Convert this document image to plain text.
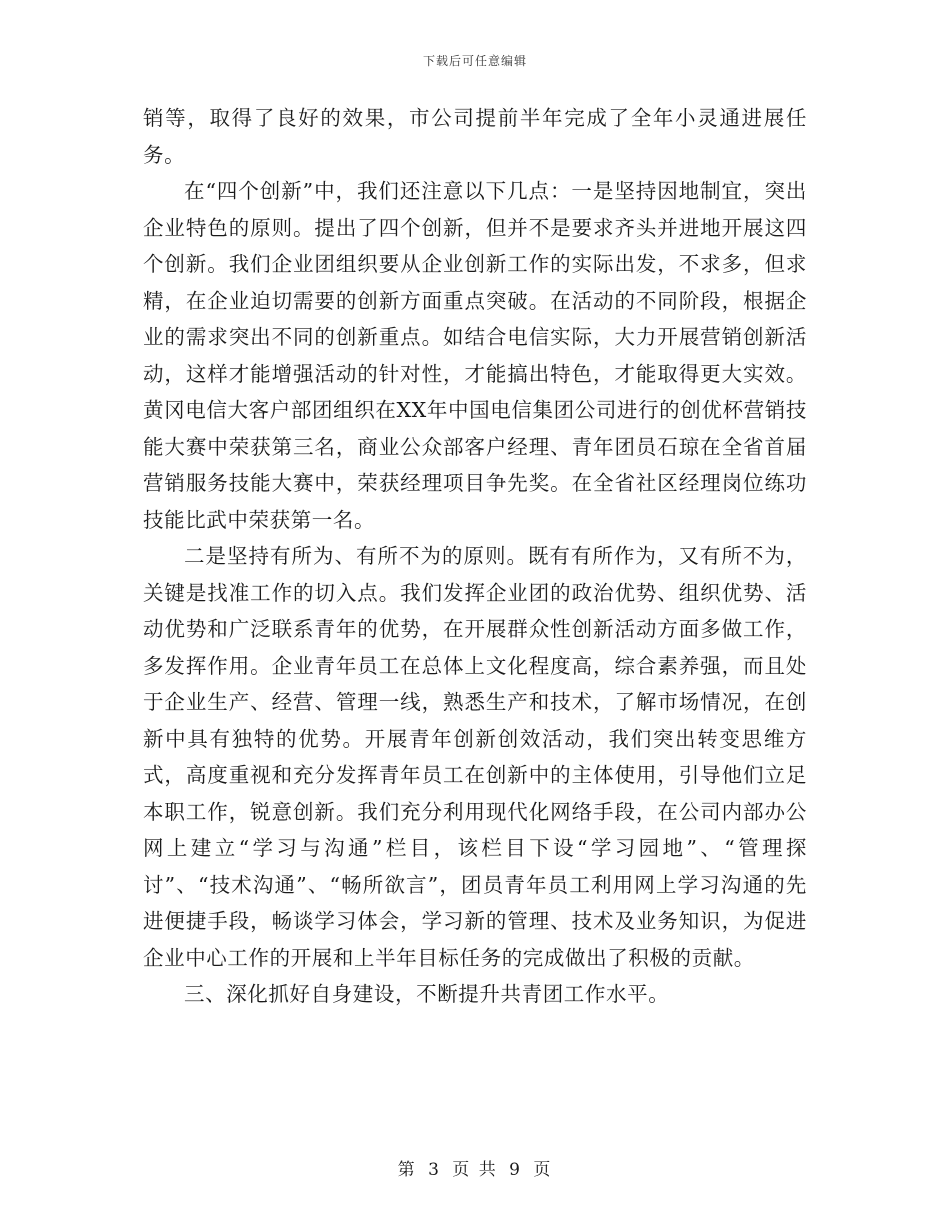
下载后可任意编辑

销等，取得了良好的效果，市公司提前半年完成了全年小灵通进展任务。

在“四个创新”中，我们还注意以下几点：一是坚持因地制宜，突出企业特色的原则。提出了四个创新，但并不是要求齐头并进地开展这四个创新。我们企业团组织要从企业创新工作的实际出发，不求多，但求精，在企业迫切需要的创新方面重点突破。在活动的不同阶段，根据企业的需求突出不同的创新重点。如结合电信实际，大力开展营销创新活动，这样才能增强活动的针对性，才能搞出特色，才能取得更大实效。黄冈电信大客户部团组织在XX年中国电信集团公司进行的创优杯营销技能大赛中荣获第三名，商业公众部客户经理、青年团员石琼在全省首届营销服务技能大赛中，荣获经理项目争先奖。在全省社区经理岗位练功技能比武中荣获第一名。

二是坚持有所为、有所不为的原则。既有有所作为，又有所不为，关键是找准工作的切入点。我们发挥企业团的政治优势、组织优势、活动优势和广泛联系青年的优势，在开展群众性创新活动方面多做工作，多发挥作用。企业青年员工在总体上文化程度高，综合素养强，而且处于企业生产、经营、管理一线，熟悉生产和技术，了解市场情况，在创新中具有独特的优势。开展青年创新创效活动，我们突出转变思维方式，高度重视和充分发挥青年员工在创新中的主体使用，引导他们立足本职工作，锐意创新。我们充分利用现代化网络手段，在公司内部办公网上建立“学习与沟通”栏目，该栏目下设“学习园地”、“管理探讨”、“技术沟通”、“畅所欲言”，团员青年员工利用网上学习沟通的先进便捷手段，畅谈学习体会，学习新的管理、技术及业务知识，为促进企业中心工作的开展和上半年目标任务的完成做出了积极的贡献。

三、深化抓好自身建设，不断提升共青团工作水平。

第 3 页 共 9 页
